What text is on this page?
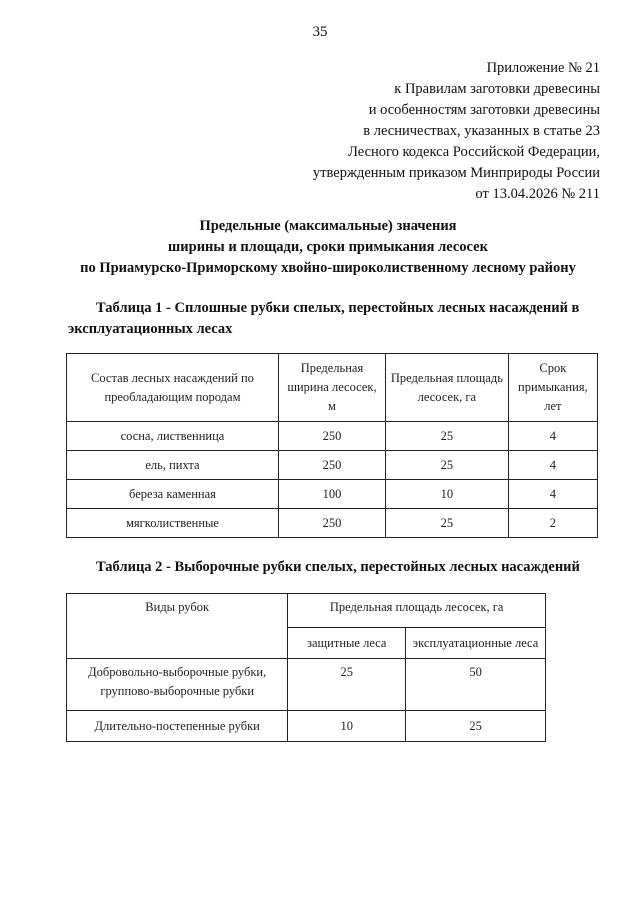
35
Приложение № 21
к Правилам заготовки древесины
и особенностям заготовки древесины
в лесничествах, указанных в статье 23
Лесного кодекса Российской Федерации,
утвержденным приказом Минприроды России
от 13.04.2026 № 211
Предельные (максимальные) значения
ширины и площади, сроки примыкания лесосек
по Приамурско-Приморскому хвойно-широколиственному лесному району
Таблица 1 - Сплошные рубки спелых, перестойных лесных насаждений в эксплуатационных лесах
Состав лесных насаждений по преобладающим породам	Предельная ширина лесосек, м	Предельная площадь лесосек, га	Срок примыкания, лет
сосна, лиственница	250	25	4
ель, пихта	250	25	4
береза каменная	100	10	4
мягколиственные	250	25	2
Таблица 2 - Выборочные рубки спелых, перестойных лесных насаждений
Виды рубок	Предельная площадь лесосек, га	
	защитные леса	эксплуатационные леса
Добровольно-выборочные рубки, группово-выборочные рубки	25	50
Длительно-постепенные рубки	10	25
